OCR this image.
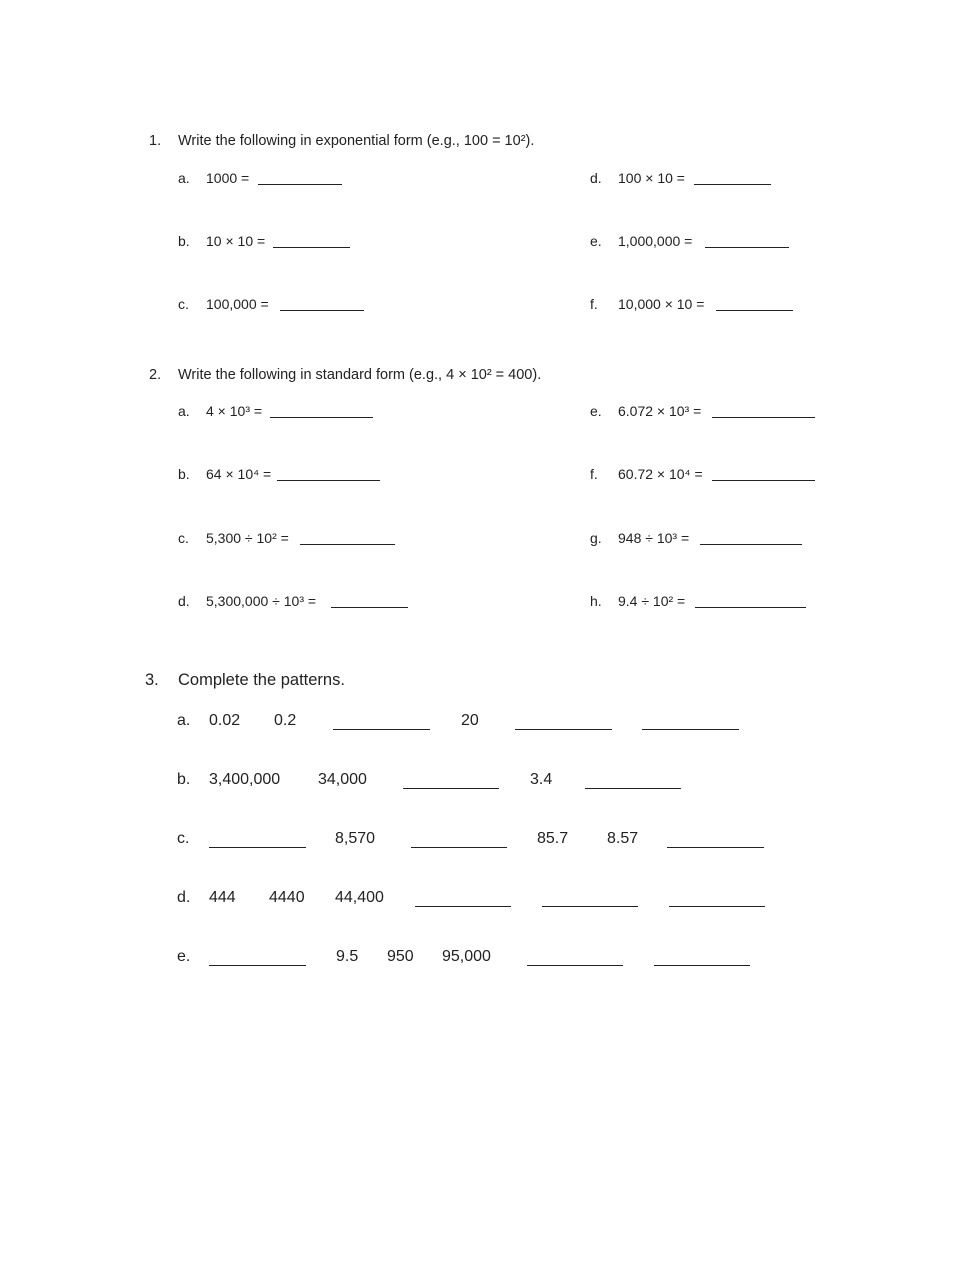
1. Write the following in exponential form (e.g., 100 = 10²).
a. 1000 =
b. 10 × 10 =
c. 100,000 =
d. 100 × 10 =
e. 1,000,000 =
f. 10,000 × 10 =
2. Write the following in standard form (e.g., 4 × 10² = 400).
a. 4 × 10³ =
b. 64 × 10⁴ =
c. 5,300 ÷ 10² =
d. 5,300,000 ÷ 10³ =
e. 6.072 × 10³ =
f. 60.72 × 10⁴ =
g. 948 ÷ 10³ =
h. 9.4 ÷ 10² =
3. Complete the patterns.
a. 0.02 0.2	20
b. 3,400,000 34,000	3.4
c.	8,570	85.7 8.57
d. 444 4440 44,400
e.	9.5 950 95,000
